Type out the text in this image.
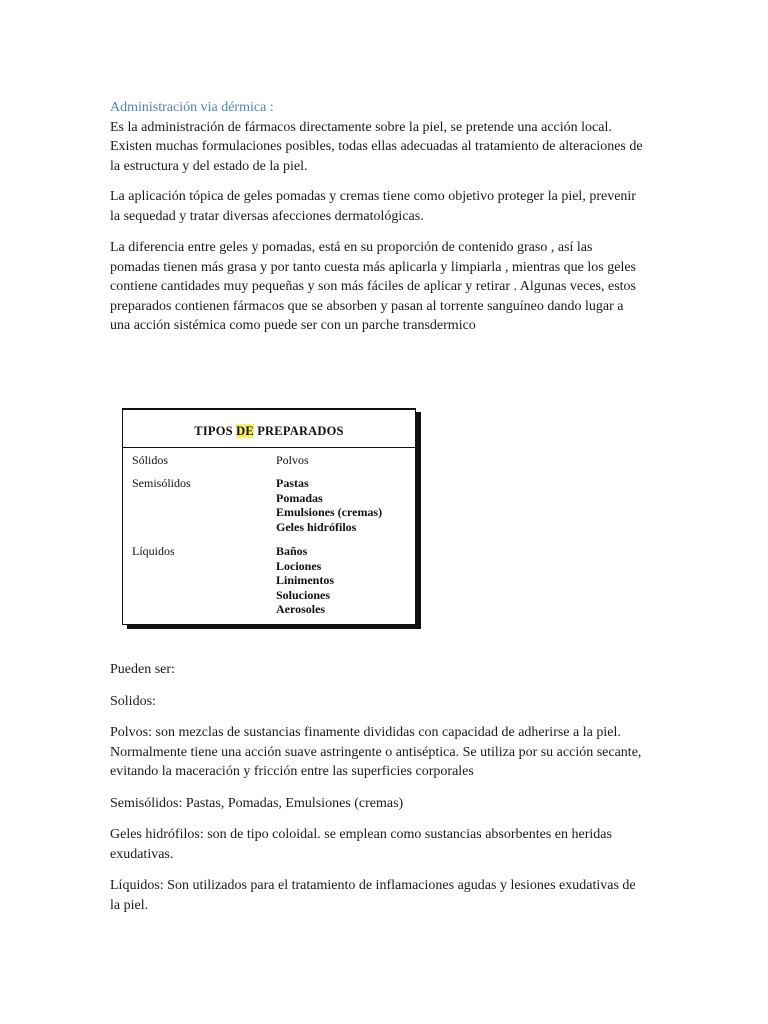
Administración via dérmica :

Es la administración de fármacos directamente sobre la piel, se pretende una acción local. Existen muchas formulaciones posibles, todas ellas adecuadas al tratamiento de alteraciones de la estructura y del estado de la piel.

La aplicación tópica de geles pomadas y cremas tiene como objetivo proteger la piel, prevenir la sequedad y tratar diversas afecciones dermatológicas.

La diferencia entre geles y pomadas, está en su proporción de contenido graso , así las pomadas tienen más grasa y por tanto cuesta más aplicarla y limpiarla , mientras que los geles contiene cantidades muy pequeñas y son más fáciles de aplicar y retirar . Algunas veces, estos preparados contienen fármacos que se absorben y pasan al torrente sanguíneo dando lugar a una acción sistémica como puede ser con un parche transdermico

TIPOS DE PREPARADOS
Sólidos	Polvos
Semisólidos	Pastas
Pomadas
Emulsiones (cremas)
Geles hidrófilos
Líquidos	Baños
Lociones
Linimentos
Soluciones
Aerosoles

Pueden ser:

Solidos:

Polvos: son mezclas de sustancias finamente divididas con capacidad de adherirse a la piel. Normalmente tiene una acción suave astringente o antiséptica. Se utiliza por su acción secante, evitando la maceración y fricción entre las superficies corporales

Semisólidos: Pastas, Pomadas, Emulsiones (cremas)

Geles hidrófilos: son de tipo coloidal. se emplean como sustancias absorbentes en heridas exudativas.

Líquidos: Son utilizados para el tratamiento de inflamaciones agudas y lesiones exudativas de la piel.
